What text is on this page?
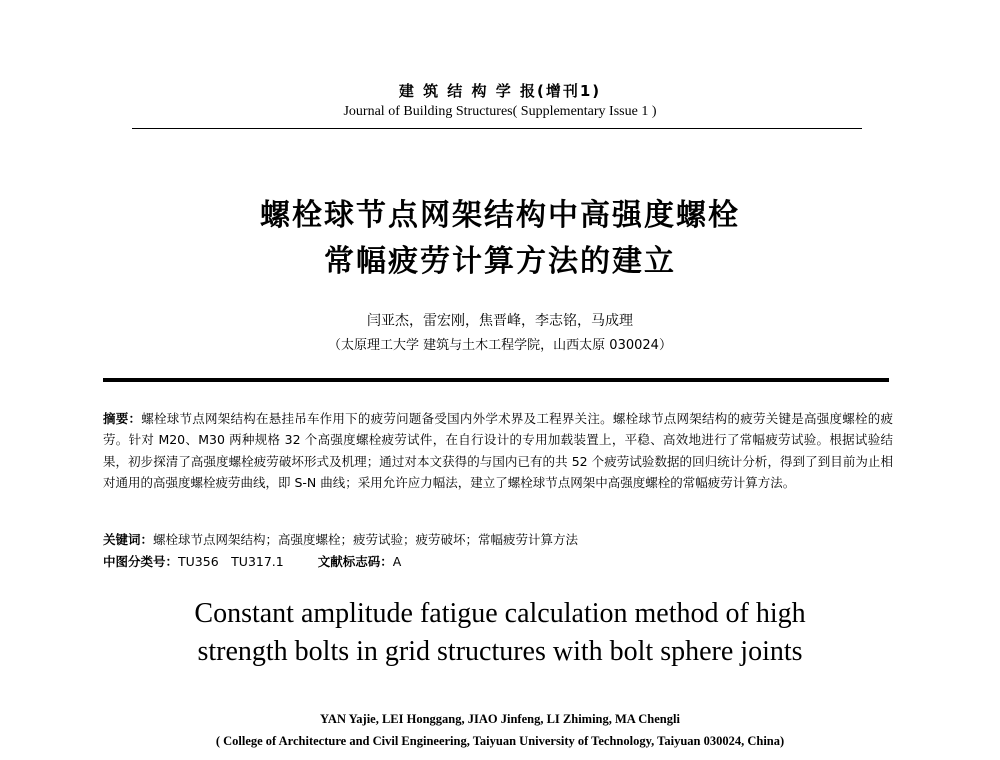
建 筑 结 构 学 报(增刊1)
Journal of Building Structures( Supplementary Issue 1 )
螺栓球节点网架结构中高强度螺栓
常幅疲劳计算方法的建立
闫亚杰，雷宏刚，焦晋峰，李志铭，马成理
（太原理工大学 建筑与土木工程学院，山西太原 030024）
摘要：螺栓球节点网架结构在悬挂吊车作用下的疲劳问题备受国内外学术界及工程界关注。螺栓球节点网架结构的疲劳关键是高强度螺栓的疲劳。针对 M20、M30 两种规格 32 个高强度螺栓疲劳试件，在自行设计的专用加载装置上，平稳、高效地进行了常幅疲劳试验。根据试验结果，初步探清了高强度螺栓疲劳破坏形式及机理；通过对本文获得的与国内已有的共 52 个疲劳试验数据的回归统计分析，得到了到目前为止相对通用的高强度螺栓疲劳曲线，即 S-N 曲线；采用允许应力幅法，建立了螺栓球节点网架中高强度螺栓的常幅疲劳计算方法。
关键词：螺栓球节点网架结构；高强度螺栓；疲劳试验；疲劳破坏；常幅疲劳计算方法
中图分类号：TU356　TU317.1	文献标志码：A
Constant amplitude fatigue calculation method of high
strength bolts in grid structures with bolt sphere joints
YAN Yajie, LEI Honggang, JIAO Jinfeng, LI Zhiming, MA Chengli
( College of Architecture and Civil Engineering, Taiyuan University of Technology, Taiyuan 030024, China)
